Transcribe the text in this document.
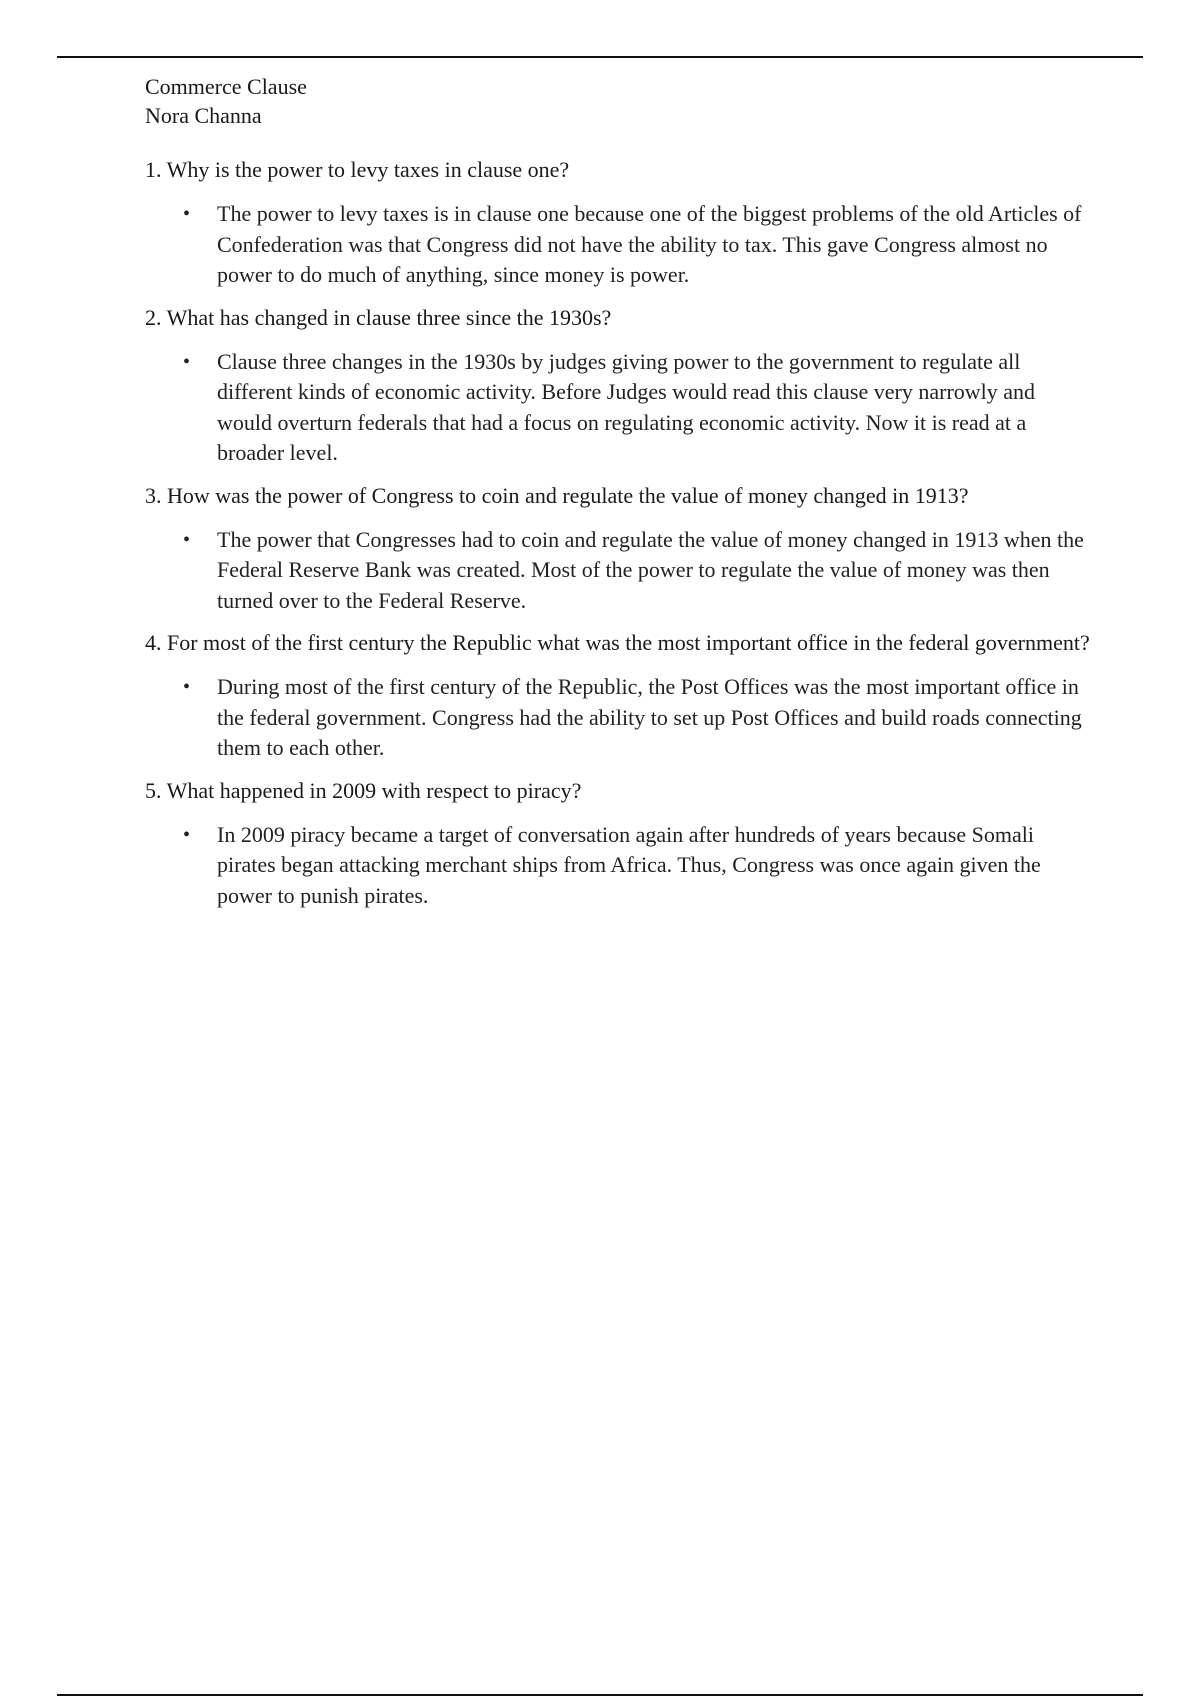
Commerce Clause

Nora Channa

1. Why is the power to levy taxes in clause one?

• The power to levy taxes is in clause one because one of the biggest problems of the old Articles of Confederation was that Congress did not have the ability to tax. This gave Congress almost no power to do much of anything, since money is power.

2. What has changed in clause three since the 1930s?

• Clause three changes in the 1930s by judges giving power to the government to regulate all different kinds of economic activity. Before Judges would read this clause very narrowly and would overturn federals that had a focus on regulating economic activity. Now it is read at a broader level.

3. How was the power of Congress to coin and regulate the value of money changed in 1913?

• The power that Congresses had to coin and regulate the value of money changed in 1913 when the Federal Reserve Bank was created. Most of the power to regulate the value of money was then turned over to the Federal Reserve.

4. For most of the first century the Republic what was the most important office in the federal government?

• During most of the first century of the Republic, the Post Offices was the most important office in the federal government. Congress had the ability to set up Post Offices and build roads connecting them to each other.

5. What happened in 2009 with respect to piracy?

• In 2009 piracy became a target of conversation again after hundreds of years because Somali pirates began attacking merchant ships from Africa. Thus, Congress was once again given the power to punish pirates.
